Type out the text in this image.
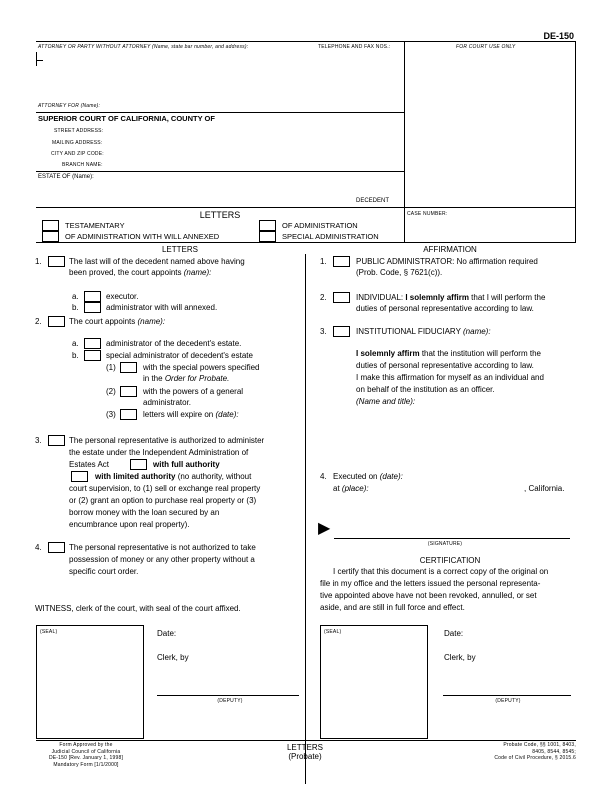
DE-150
ATTORNEY OR PARTY WITHOUT ATTORNEY (Name, state bar number, and address):	TELEPHONE AND FAX NOS.:	FOR COURT USE ONLY
ATTORNEY FOR (Name):
SUPERIOR COURT OF CALIFORNIA, COUNTY OF
STREET ADDRESS:
MAILING ADDRESS:
CITY AND ZIP CODE:
BRANCH NAME:
ESTATE OF (Name):
DECEDENT
LETTERS	CASE NUMBER:
TESTAMENTARY	OF ADMINISTRATION
OF ADMINISTRATION WITH WILL ANNEXED	SPECIAL ADMINISTRATION
LETTERS
1.	The last will of the decedent named above having
been proved, the court appoints (name):
a.	executor.
b.	administrator with will annexed.
2.	The court appoints (name):
a.	administrator of the decedent's estate.
b.	special administrator of decedent's estate
(1)	with the special powers specified
in the Order for Probate.
(2)	with the powers of a general
administrator.
(3)	letters will expire on (date):
3.	The personal representative is authorized to administer
the estate under the Independent Administration of
Estates Act	with full authority
with limited authority (no authority, without
court supervision, to (1) sell or exchange real property
or (2) grant an option to purchase real property or (3)
borrow money with the loan secured by an
encumbrance upon real property).
4.	The personal representative is not authorized to take
possession of money or any other property without a
specific court order.
WITNESS, clerk of the court, with seal of the court affixed.
(SEAL)	Date:
Clerk, by
(DEPUTY)
AFFIRMATION
1.	PUBLIC ADMINISTRATOR: No affirmation required
(Prob. Code, § 7621(c)).
2.	INDIVIDUAL: I solemnly affirm that I will perform the
duties of personal representative according to law.
3.	INSTITUTIONAL FIDUCIARY (name):
I solemnly affirm that the institution will perform the
duties of personal representative according to law.
I make this affirmation for myself as an individual and
on behalf of the institution as an officer.
(Name and title):
4. Executed on (date):
at (place):	, California.
▶
(SIGNATURE)
CERTIFICATION
I certify that this document is a correct copy of the original on
file in my office and the letters issued the personal representa-
tive appointed above have not been revoked, annulled, or set
aside, and are still in full force and effect.
(SEAL)	Date:
Clerk, by
(DEPUTY)
Form Approved by the
Judicial Council of California
DE-150 [Rev. January 1, 1998]
Mandatory Form [1/1/2000]
LETTERS
(Probate)
Probate Code, §§ 1001, 8403,
8405, 8544, 8545;
Code of Civil Procedure, § 2015.6
